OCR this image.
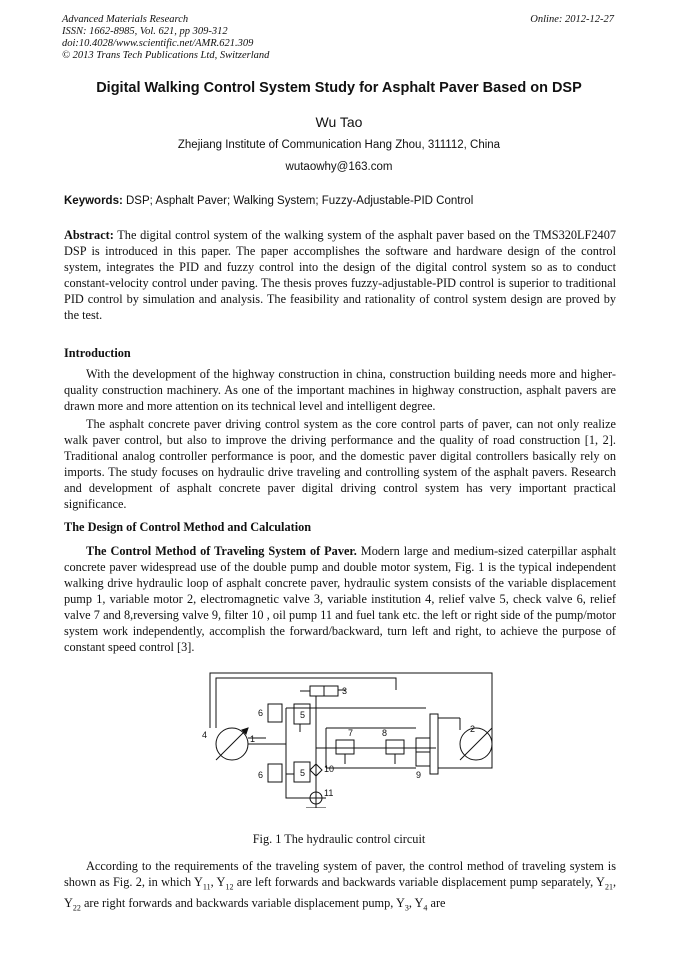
Advanced Materials Research
ISSN: 1662-8985, Vol. 621, pp 309-312
doi:10.4028/www.scientific.net/AMR.621.309
© 2013 Trans Tech Publications Ltd, Switzerland
Online: 2012-12-27
Digital Walking Control System Study for Asphalt Paver Based on DSP
Wu Tao
Zhejiang Institute of Communication Hang Zhou, 311112, China
wutaowhy@163.com
Keywords: DSP; Asphalt Paver; Walking System; Fuzzy-Adjustable-PID Control
Abstract: The digital control system of the walking system of the asphalt paver based on the TMS320LF2407 DSP is introduced in this paper. The paper accomplishes the software and hardware design of the control system, integrates the PID and fuzzy control into the design of the digital control system so as to conduct constant-velocity control under paving. The thesis proves fuzzy-adjustable-PID control is superior to traditional PID control by simulation and analysis. The feasibility and rationality of control system design are proved by the test.
Introduction
With the development of the highway construction in china, construction building needs more and higher-quality construction machinery. As one of the important machines in highway construction, asphalt pavers are drawn more and more attention on its technical level and intelligent degree.
The asphalt concrete paver driving control system as the core control parts of paver, can not only realize walk paver control, but also to improve the driving performance and the quality of road construction [1, 2]. Traditional analog controller performance is poor, and the domestic paver digital controllers basically rely on imports. The study focuses on hydraulic drive traveling and controlling system of the asphalt pavers. Research and development of asphalt concrete paver digital driving control system has very important practical significance.
The Design of Control Method and Calculation
The Control Method of Traveling System of Paver. Modern large and medium-sized caterpillar asphalt concrete paver widespread use of the double pump and double motor system, Fig. 1 is the typical independent walking drive hydraulic loop of asphalt concrete paver, hydraulic system consists of the variable displacement pump 1, variable motor 2, electromagnetic valve 3, variable institution 4, relief valve 5, check valve 6, relief valve 7 and 8,reversing valve 9, filter 10 , oil pump 11 and fuel tank etc. the left or right side of the pump/motor system work independently, accomplish the forward/backward, turn left and right, to achieve the purpose of constant speed control [3].
4	1
2
3
5
5
6
6
7	8
9
10
11
Fig. 1 The hydraulic control circuit
According to the requirements of the traveling system of paver, the control method of traveling system is shown as Fig. 2, in which $Y_{11}$, $Y_{12}$ are left forwards and backwards variable displacement pump separately, $Y_{21}$, $Y_{22}$ are right forwards and backwards variable displacement pump, $Y_3$, $Y_4$ are
